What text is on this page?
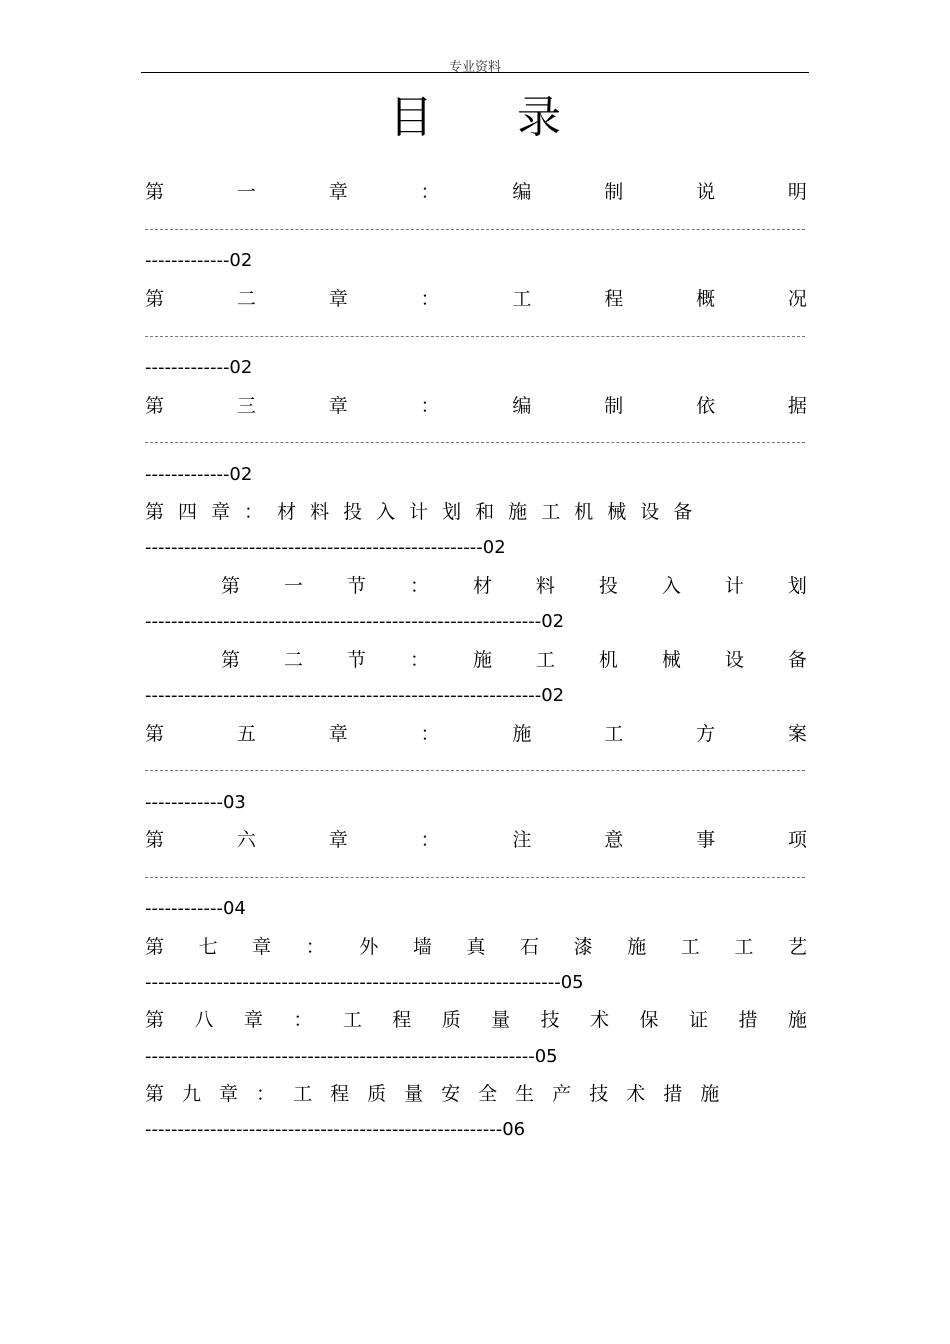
专业资料
目 录
第	一	章	：	编	制	说	明
-------------02
第	二	章	：	工	程	概	况
-------------02
第	三	章	：	编	制	依	据
-------------02
第 四 章 ： 材 料 投 入 计 划 和 施 工 机 械 设 备
----------------------------------------------------02
第 一 节 ： 材 料 投 入 计 划
-------------------------------------------------------------02
第 二 节 ： 施 工 机 械 设 备
-------------------------------------------------------------02
第	五	章	：	施	工	方	案
------------03
第	六	章	：	注	意	事	项
------------04
第 七 章 ： 外 墙 真 石 漆 施 工 工 艺
----------------------------------------------------------------05
第 八 章 ： 工 程 质 量 技 术 保 证 措 施
------------------------------------------------------------05
第 九 章 ： 工 程 质 量 安 全 生 产 技 术 措 施
-------------------------------------------------------06
